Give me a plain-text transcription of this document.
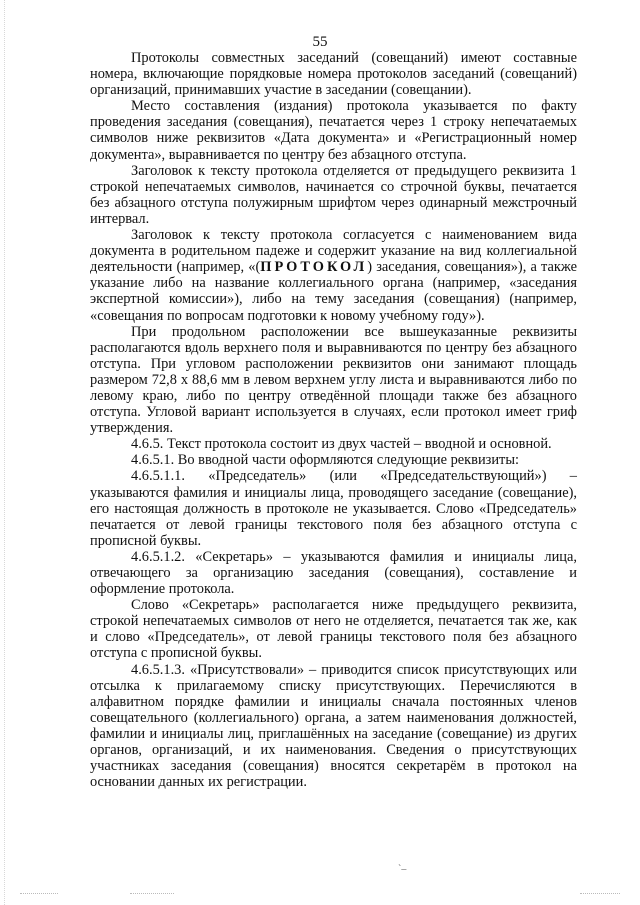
55

Протоколы совместных заседаний (совещаний) имеют составные номера, включающие порядковые номера протоколов заседаний (совещаний) организаций, принимавших участие в заседании (совещании).

Место составления (издания) протокола указывается по факту проведения заседания (совещания), печатается через 1 строку непечатаемых символов ниже реквизитов «Дата документа» и «Регистрационный номер документа», выравнивается по центру без абзацного отступа.

Заголовок к тексту протокола отделяется от предыдущего реквизита 1 строкой непечатаемых символов, начинается со строчной буквы, печатается без абзацного отступа полужирным шрифтом через одинарный межстрочный интервал.

Заголовок к тексту протокола согласуется с наименованием вида документа в родительном падеже и содержит указание на вид коллегиальной деятельности (например, «(ПРОТОКОЛ) заседания, совещания»), а также указание либо на название коллегиального органа (например, «заседания экспертной комиссии»), либо на тему заседания (совещания) (например, «совещания по вопросам подготовки к новому учебному году»).

При продольном расположении все вышеуказанные реквизиты располагаются вдоль верхнего поля и выравниваются по центру без абзацного отступа. При угловом расположении реквизитов они занимают площадь размером 72,8 х 88,6 мм в левом верхнем углу листа и выравниваются либо по левому краю, либо по центру отведённой площади также без абзацного отступа. Угловой вариант используется в случаях, если протокол имеет гриф утверждения.

4.6.5. Текст протокола состоит из двух частей – вводной и основной.

4.6.5.1. Во вводной части оформляются следующие реквизиты:

4.6.5.1.1. «Председатель» (или «Председательствующий») – указываются фамилия и инициалы лица, проводящего заседание (совещание), его настоящая должность в протоколе не указывается. Слово «Председатель» печатается от левой границы текстового поля без абзацного отступа с прописной буквы.

4.6.5.1.2. «Секретарь» – указываются фамилия и инициалы лица, отвечающего за организацию заседания (совещания), составление и оформление протокола.

Слово «Секретарь» располагается ниже предыдущего реквизита, строкой непечатаемых символов от него не отделяется, печатается так же, как и слово «Председатель», от левой границы текстового поля без абзацного отступа с прописной буквы.

4.6.5.1.3. «Присутствовали» – приводится список присутствующих или отсылка к прилагаемому списку присутствующих. Перечисляются в алфавитном порядке фамилии и инициалы сначала постоянных членов совещательного (коллегиального) органа, а затем наименования должностей, фамилии и инициалы лиц, приглашённых на заседание (совещание) из других органов, организаций, и их наименования. Сведения о присутствующих участниках заседания (совещания) вносятся секретарём в протокол на основании данных их регистрации.

`–
